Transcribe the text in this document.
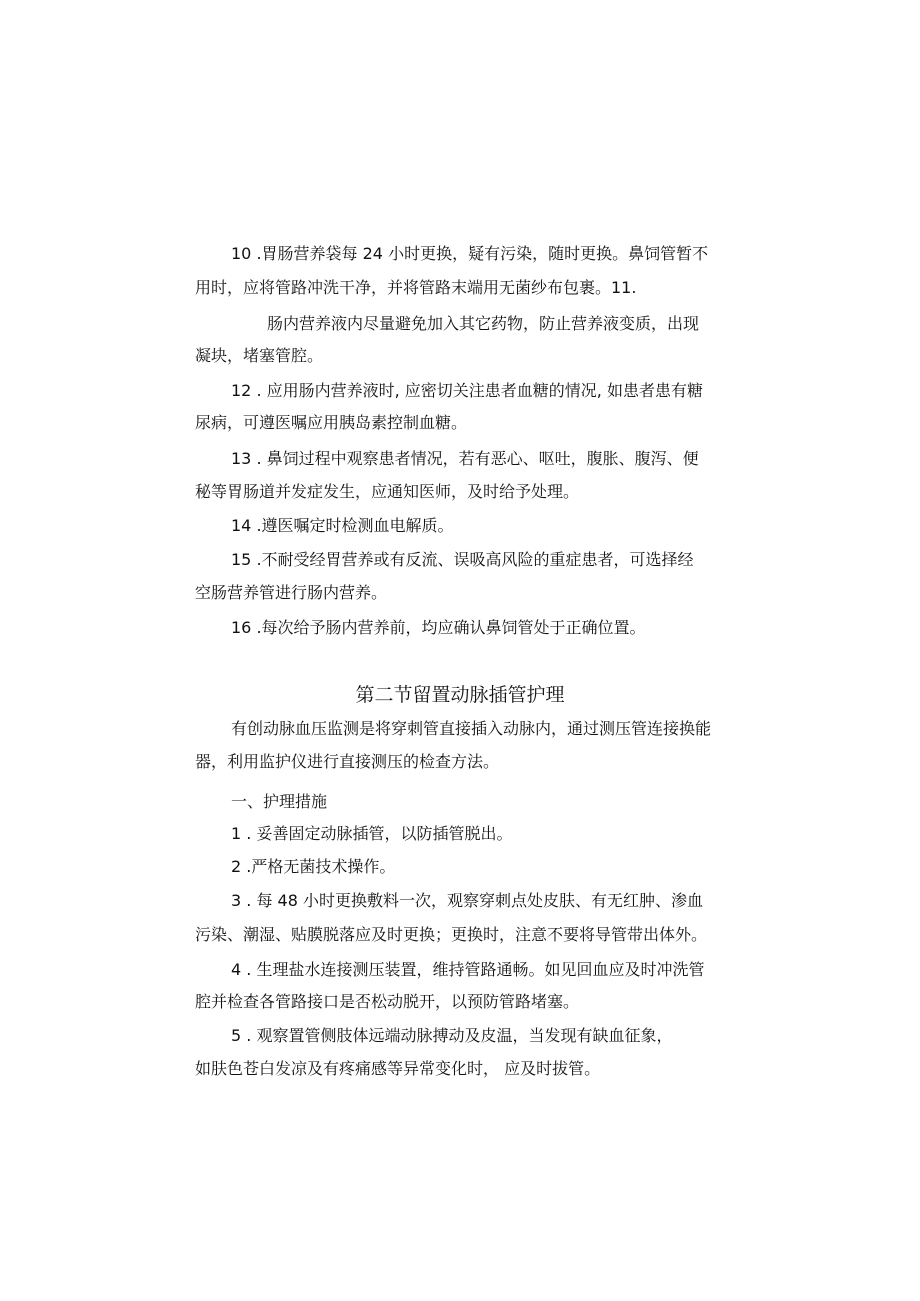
10 .胃肠营养袋每 24 小时更换，疑有污染，随时更换。鼻饲管暂不
用时，应将管路冲洗干净，并将管路末端用无菌纱布包裹。11.
肠内营养液内尽量避免加入其它药物，防止营养液变质，出现
凝块，堵塞管腔。
12 . 应用肠内营养液时, 应密切关注患者血糖的情况, 如患者患有糖
尿病，可遵医嘱应用胰岛素控制血糖。
13 . 鼻饲过程中观察患者情况，若有恶心、呕吐，腹胀、腹泻、便
秘等胃肠道并发症发生，应通知医师，及时给予处理。
14 .遵医嘱定时检测血电解质。
15 .不耐受经胃营养或有反流、误吸高风险的重症患者，可选择经
空肠营养管进行肠内营养。
16 .每次给予肠内营养前，均应确认鼻饲管处于正确位置。
第二节留置动脉插管护理
有创动脉血压监测是将穿刺管直接插入动脉内，通过测压管连接换能
器，利用监护仪进行直接测压的检查方法。
一、护理措施
1 . 妥善固定动脉插管，以防插管脱出。
2 .严格无菌技术操作。
3 . 每 48 小时更换敷料一次，观察穿刺点处皮肤、有无红肿、渗血
污染、潮湿、贴膜脱落应及时更换；更换时，注意不要将导管带出体外。
4 . 生理盐水连接测压装置，维持管路通畅。如见回血应及时冲洗管
腔并检查各管路接口是否松动脱开，以预防管路堵塞。
5 . 观察置管侧肢体远端动脉搏动及皮温，当发现有缺血征象，
如肤色苍白发凉及有疼痛感等异常变化时， 应及时拔管。
